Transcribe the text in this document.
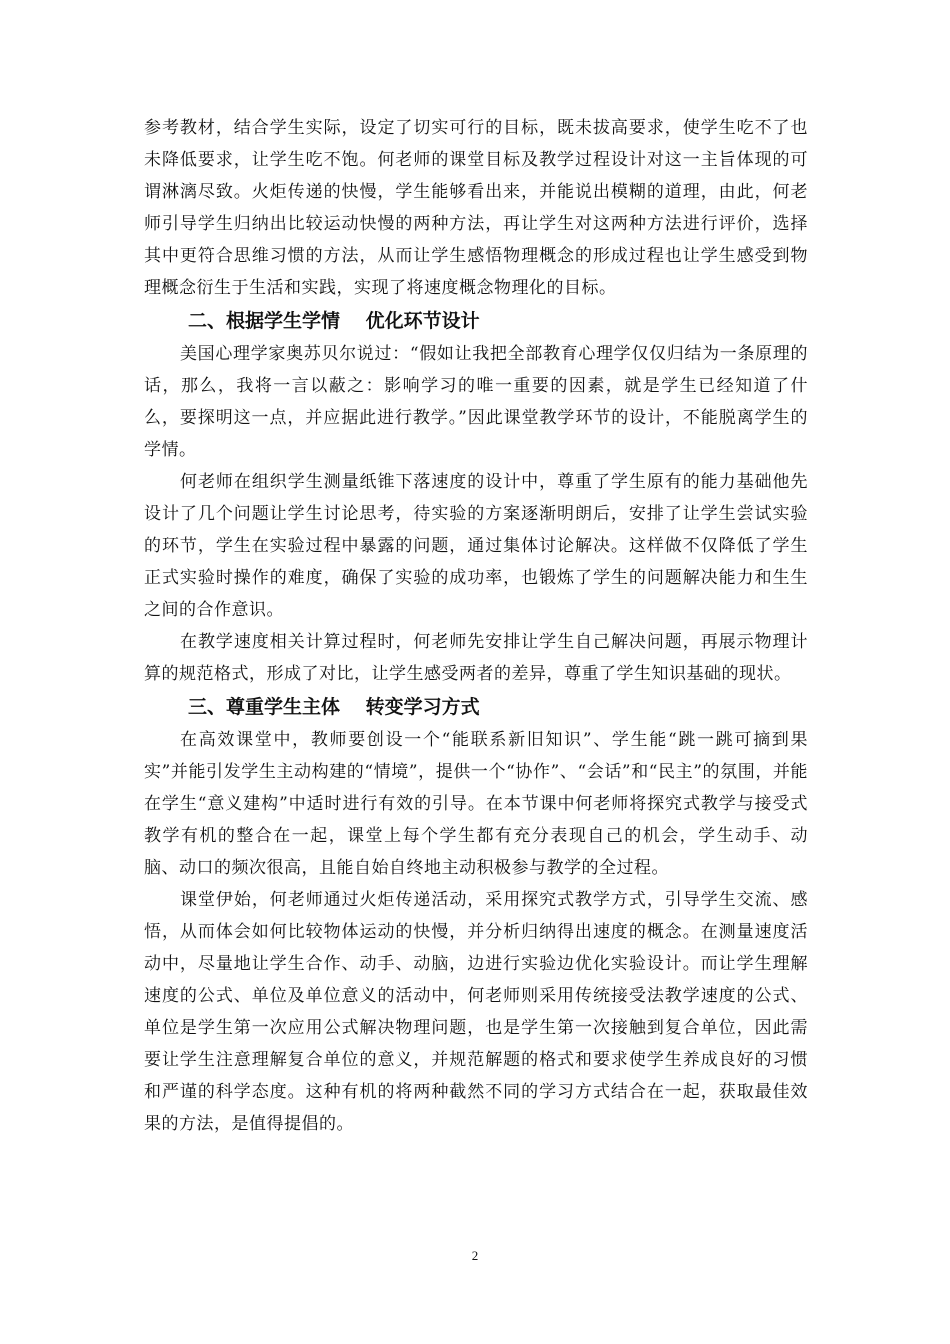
参考教材，结合学生实际，设定了切实可行的目标，既未拔高要求，使学生吃不了也未降低要求，让学生吃不饱。何老师的课堂目标及教学过程设计对这一主旨体现的可谓淋漓尽致。火炬传递的快慢，学生能够看出来，并能说出模糊的道理，由此，何老师引导学生归纳出比较运动快慢的两种方法，再让学生对这两种方法进行评价，选择其中更符合思维习惯的方法，从而让学生感悟物理概念的形成过程也让学生感受到物理概念衍生于生活和实践，实现了将速度概念物理化的目标。

二、根据学生学情　 优化环节设计

美国心理学家奥苏贝尔说过：“假如让我把全部教育心理学仅仅归结为一条原理的话，那么，我将一言以蔽之：影响学习的唯一重要的因素，就是学生已经知道了什么，要探明这一点，并应据此进行教学。”因此课堂教学环节的设计，不能脱离学生的学情。

何老师在组织学生测量纸锥下落速度的设计中，尊重了学生原有的能力基础他先设计了几个问题让学生讨论思考，待实验的方案逐渐明朗后，安排了让学生尝试实验的环节，学生在实验过程中暴露的问题，通过集体讨论解决。这样做不仅降低了学生正式实验时操作的难度，确保了实验的成功率，也锻炼了学生的问题解决能力和生生之间的合作意识。

在教学速度相关计算过程时，何老师先安排让学生自己解决问题，再展示物理计算的规范格式，形成了对比，让学生感受两者的差异，尊重了学生知识基础的现状。

三、尊重学生主体　 转变学习方式

在高效课堂中，教师要创设一个“能联系新旧知识”、学生能“跳一跳可摘到果实”并能引发学生主动构建的“情境”，提供一个“协作”、“会话”和“民主”的氛围，并能在学生“意义建构”中适时进行有效的引导。在本节课中何老师将探究式教学与接受式教学有机的整合在一起，课堂上每个学生都有充分表现自己的机会，学生动手、动脑、动口的频次很高，且能自始自终地主动积极参与教学的全过程。

课堂伊始，何老师通过火炬传递活动，采用探究式教学方式，引导学生交流、感悟，从而体会如何比较物体运动的快慢，并分析归纳得出速度的概念。在测量速度活动中，尽量地让学生合作、动手、动脑，边进行实验边优化实验设计。而让学生理解速度的公式、单位及单位意义的活动中，何老师则采用传统接受法教学速度的公式、单位是学生第一次应用公式解决物理问题，也是学生第一次接触到复合单位，因此需要让学生注意理解复合单位的意义，并规范解题的格式和要求使学生养成良好的习惯和严谨的科学态度。这种有机的将两种截然不同的学习方式结合在一起，获取最佳效果的方法，是值得提倡的。

2
